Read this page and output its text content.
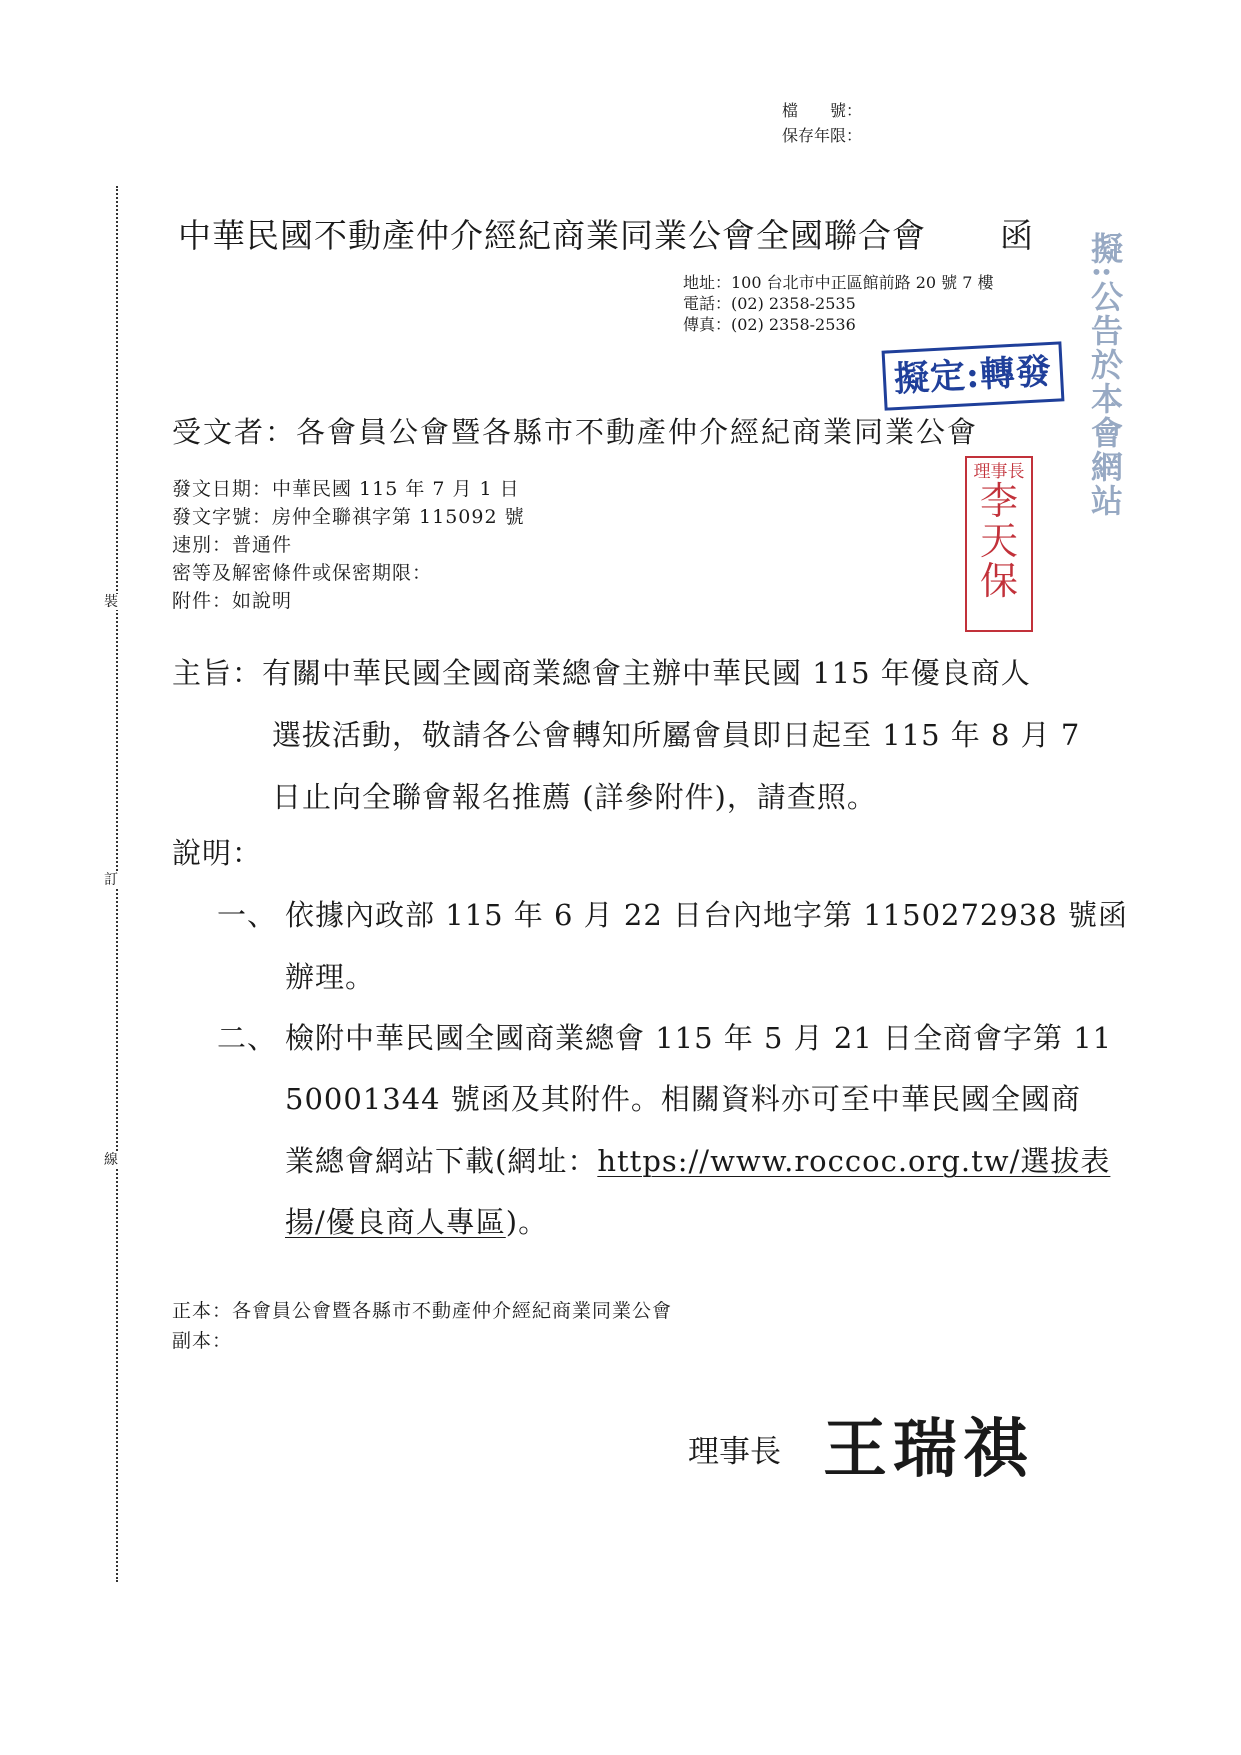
裝
訂
線
檔　　號：
保存年限：
中華民國不動產仲介經紀商業同業公會全國聯合會 函
地址：100 台北市中正區館前路 20 號 7 樓
電話：(02) 2358-2535
傳真：(02) 2358-2536
擬定:轉發
理事長
李
天
保
擬:公告於本會網站
受文者：各會員公會暨各縣市不動產仲介經紀商業同業公會
發文日期：中華民國 115 年 7 月 1 日
發文字號：房仲全聯祺字第 115092 號
速別：普通件
密等及解密條件或保密期限：
附件：如說明
主旨：有關中華民國全國商業總會主辦中華民國 115 年優良商人
選拔活動，敬請各公會轉知所屬會員即日起至 115 年 8 月 7
日止向全聯會報名推薦 (詳參附件)，請查照。
說明：
一、 依據內政部 115 年 6 月 22 日台內地字第 1150272938 號函
辦理。
二、 檢附中華民國全國商業總會 115 年 5 月 21 日全商會字第 11
50001344 號函及其附件。相關資料亦可至中華民國全國商
業總會網站下載(網址：https://www.roccoc.org.tw/選拔表
揚/優良商人專區)。
正本：各會員公會暨各縣市不動產仲介經紀商業同業公會
副本：
理事長 王瑞祺
